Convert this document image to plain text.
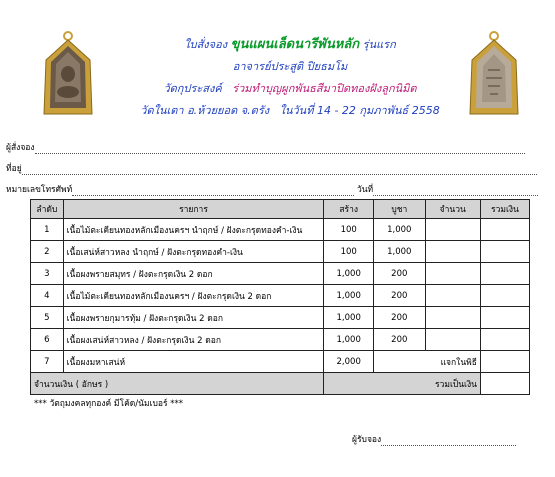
ใบสั่งจอง ขุนแผนเล็ดนารีพันหลัก รุ่นแรก
อาจารย์ประสูติ ปิยธมโม
วัดกุประสงค์ ร่วมทำบุญผูกพันธสีมาปิดทองฝังลูกนิมิต
วัดในเตา อ.ห้วยยอด จ.ตรัง ในวันที่ 14 - 22 กุมภาพันธ์ 2558
ผู้สั่งจอง
ที่อยู่
หมายเลขโทรศัพท์	วันที่
ลำดับ	รายการ	สร้าง	บูชา	จำนวน	รวมเงิน
1	เนื้อไม้ตะเคียนทองหลักเมืองนครฯ นำฤกษ์ / ฝังตะกรุดทองคำ-เงิน	100	1,000		
2	เนื้อเสน่ห์สาวหลง นำฤกษ์ / ฝังตะกรุดทองคำ-เงิน	100	1,000		
3	เนื้อผงพรายสมุทร / ฝังตะกรุดเงิน 2 ดอก	1,000	200		
4	เนื้อไม้ตะเคียนทองหลักเมืองนครฯ / ฝังตะกรุดเงิน 2 ดอก	1,000	200		
5	เนื้อผงพรายกุมารทุ้ม / ฝังตะกรุดเงิน 2 ดอก	1,000	200		
6	เนื้อผงเสน่ห์สาวหลง / ฝังตะกรุดเงิน 2 ดอก	1,000	200		
7	เนื้อผงมหาเสน่ห์	2,000	แจกในพิธี		
จำนวนเงิน ( อักษร )		รวมเป็นเงิน			
*** วัตถุมงคลทุกองค์ มีโค้ด/นัมเบอร์ ***
ผู้รับจอง
